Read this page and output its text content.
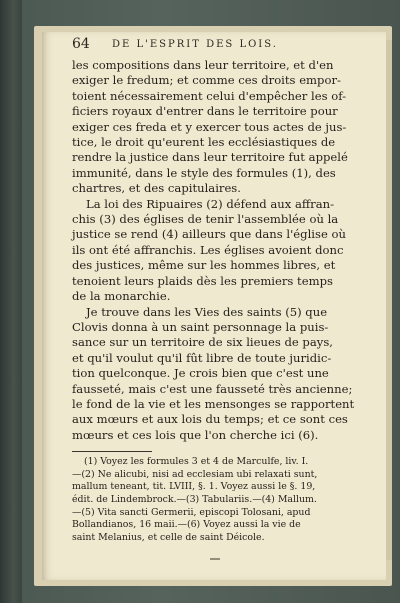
64 DE L'ESPRIT DES LOIS.

les compositions dans leur territoire, et d'en

exiger le fredum; et comme ces droits empor-

toient nécessairement celui d'empêcher les of-

ficiers royaux d'entrer dans le territoire pour

exiger ces freda et y exercer tous actes de jus-

tice, le droit qu'eurent les ecclésiastiques de

rendre la justice dans leur territoire fut appelé

immunité, dans le style des formules (1), des

chartres, et des capitulaires.

La loi des Ripuaires (2) défend aux affran-

chis (3) des églises de tenir l'assemblée où la

justice se rend (4) ailleurs que dans l'église où

ils ont été affranchis. Les églises avoient donc

des justices, même sur les hommes libres, et

tenoient leurs plaids dès les premiers temps

de la monarchie.

Je trouve dans les Vies des saints (5) que

Clovis donna à un saint personnage la puis-

sance sur un territoire de six lieues de pays,

et qu'il voulut qu'il fût libre de toute juridic-

tion quelconque. Je crois bien que c'est une

fausseté, mais c'est une fausseté très ancienne;

le fond de la vie et les mensonges se rapportent

aux mœurs et aux lois du temps; et ce sont ces

mœurs et ces lois que l'on cherche ici (6).

(1) Voyez les formules 3 et 4 de Marculfe, liv. I.

—(2) Ne alicubi, nisi ad ecclesiam ubi relaxati sunt,

mallum teneant, tit. LVIII, §. 1. Voyez aussi le §. 19,

édit. de Lindembrock.—(3) Tabulariis.—(4) Mallum.

—(5) Vita sancti Germerii, episcopi Tolosani, apud

Bollandianos, 16 maii.—(6) Voyez aussi la vie de

saint Melanius, et celle de saint Déicole.
